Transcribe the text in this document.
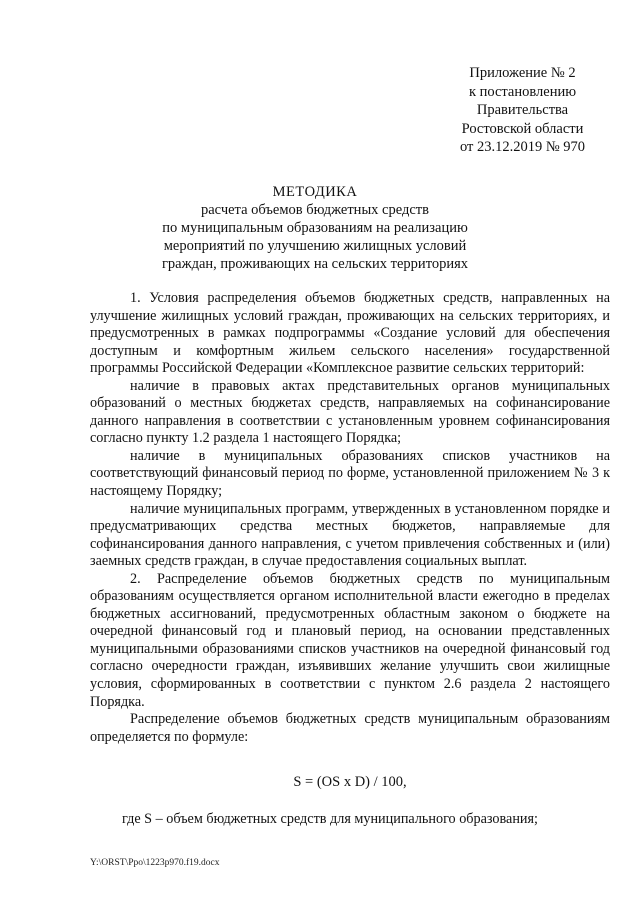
Приложение № 2
к постановлению
Правительства
Ростовской области
от 23.12.2019 № 970
МЕТОДИКА
расчета объемов бюджетных средств
по муниципальным образованиям на реализацию
мероприятий по улучшению жилищных условий
граждан, проживающих на сельских территориях

1. Условия распределения объемов бюджетных средств, направленных на улучшение жилищных условий граждан, проживающих на сельских территориях, и предусмотренных в рамках подпрограммы «Создание условий для обеспечения доступным и комфортным жильем сельского населения» государственной программы Российской Федерации «Комплексное развитие сельских территорий:

наличие в правовых актах представительных органов муниципальных образований о местных бюджетах средств, направляемых на софинансирование данного направления в соответствии с установленным уровнем софинансирования согласно пункту 1.2 раздела 1 настоящего Порядка;

наличие в муниципальных образованиях списков участников на соответствующий финансовый период по форме, установленной приложением № 3 к настоящему Порядку;

наличие муниципальных программ, утвержденных в установленном порядке и предусматривающих средства местных бюджетов, направляемые для софинансирования данного направления, с учетом привлечения собственных и (или) заемных средств граждан, в случае предоставления социальных выплат.

2. Распределение объемов бюджетных средств по муниципальным образованиям осуществляется органом исполнительной власти ежегодно в пределах бюджетных ассигнований, предусмотренных областным законом о бюджете на очередной финансовый год и плановый период, на основании представленных муниципальными образованиями списков участников на очередной финансовый год согласно очередности граждан, изъявивших желание улучшить свои жилищные условия, сформированных в соответствии с пунктом 2.6 раздела 2 настоящего Порядка.

Распределение объемов бюджетных средств муниципальным образованиям определяется по формуле:

S = (OS x D) / 100,
где S – объем бюджетных средств для муниципального образования;
Y:\ORST\Ppo\1223p970.f19.docx
